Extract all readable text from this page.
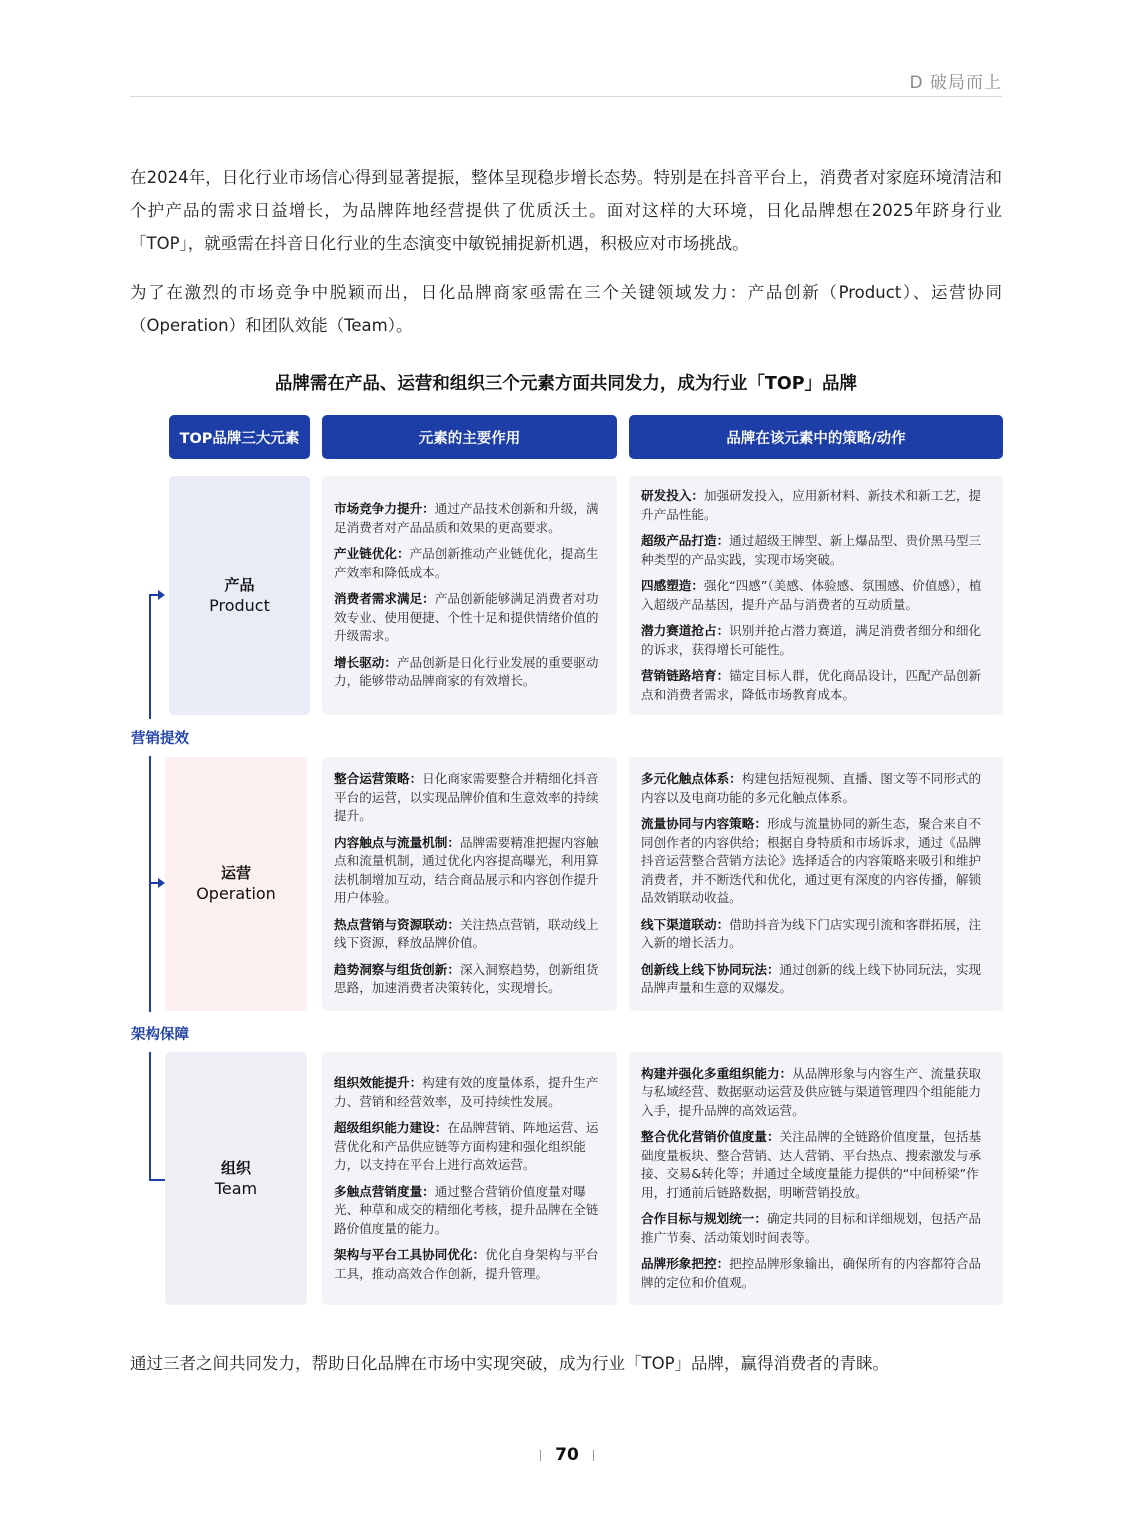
D 破局而上

在2024年，日化行业市场信心得到显著提振，整体呈现稳步增长态势。特别是在抖音平台上，消费者对家庭环境清洁和个护产品的需求日益增长，为品牌阵地经营提供了优质沃土。面对这样的大环境，日化品牌想在2025年跻身行业「TOP」，就亟需在抖音日化行业的生态演变中敏锐捕捉新机遇，积极应对市场挑战。

为了在激烈的市场竞争中脱颖而出，日化品牌商家亟需在三个关键领域发力：产品创新（Product）、运营协同（Operation）和团队效能（Team）。

品牌需在产品、运营和组织三个元素方面共同发力，成为行业「TOP」品牌
TOP品牌三大元素	元素的主要作用	品牌在该元素中的策略/动作
营销提效
架构保障
产品
Product
市场竞争力提升：通过产品技术创新和升级，满足消费者对产品品质和效果的更高要求。
产业链优化：产品创新推动产业链优化，提高生产效率和降低成本。
消费者需求满足：产品创新能够满足消费者对功效专业、使用便捷、个性十足和提供情绪价值的升级需求。
增长驱动：产品创新是日化行业发展的重要驱动力，能够带动品牌商家的有效增长。
研发投入：加强研发投入，应用新材料、新技术和新工艺，提升产品性能。
超级产品打造：通过超级王牌型、新上爆品型、贵价黑马型三种类型的产品实践，实现市场突破。
四感塑造：强化“四感”（美感、体验感、氛围感、价值感），植入超级产品基因，提升产品与消费者的互动质量。
潜力赛道抢占：识别并抢占潜力赛道，满足消费者细分和细化的诉求，获得增长可能性。
营销链路培育：锚定目标人群，优化商品设计，匹配产品创新点和消费者需求，降低市场教育成本。
运营
Operation
整合运营策略：日化商家需要整合并精细化抖音平台的运营，以实现品牌价值和生意效率的持续提升。
内容触点与流量机制：品牌需要精准把握内容触点和流量机制，通过优化内容提高曝光，利用算法机制增加互动，结合商品展示和内容创作提升用户体验。
热点营销与资源联动：关注热点营销，联动线上线下资源，释放品牌价值。
趋势洞察与组货创新：深入洞察趋势，创新组货思路，加速消费者决策转化，实现增长。
多元化触点体系：构建包括短视频、直播、图文等不同形式的内容以及电商功能的多元化触点体系。
流量协同与内容策略：形成与流量协同的新生态，聚合来自不同创作者的内容供给；根据自身特质和市场诉求，通过《品牌抖音运营整合营销方法论》选择适合的内容策略来吸引和维护消费者，并不断迭代和优化，通过更有深度的内容传播，解锁品效销联动收益。
线下渠道联动：借助抖音为线下门店实现引流和客群拓展，注入新的增长活力。
创新线上线下协同玩法：通过创新的线上线下协同玩法，实现品牌声量和生意的双爆发。
组织
Team
组织效能提升：构建有效的度量体系，提升生产力、营销和经营效率，及可持续性发展。
超级组织能力建设：在品牌营销、阵地运营、运营优化和产品供应链等方面构建和强化组织能力，以支持在平台上进行高效运营。
多触点营销度量：通过整合营销价值度量对曝光、种草和成交的精细化考核，提升品牌在全链路价值度量的能力。
架构与平台工具协同优化：优化自身架构与平台工具，推动高效合作创新，提升管理。
构建并强化多重组织能力：从品牌形象与内容生产、流量获取与私域经营、数据驱动运营及供应链与渠道管理四个组能能力入手，提升品牌的高效运营。
整合优化营销价值度量：关注品牌的全链路价值度量，包括基础度量板块、整合营销、达人营销、平台热点、搜索激发与承接、交易&转化等；并通过全域度量能力提供的“中间桥梁”作用，打通前后链路数据，明晰营销投放。
合作目标与规划统一：确定共同的目标和详细规划，包括产品推广节奏、活动策划时间表等。
品牌形象把控：把控品牌形象输出，确保所有的内容都符合品牌的定位和价值观。

通过三者之间共同发力，帮助日化品牌在市场中实现突破，成为行业「TOP」品牌，赢得消费者的青睐。

70
